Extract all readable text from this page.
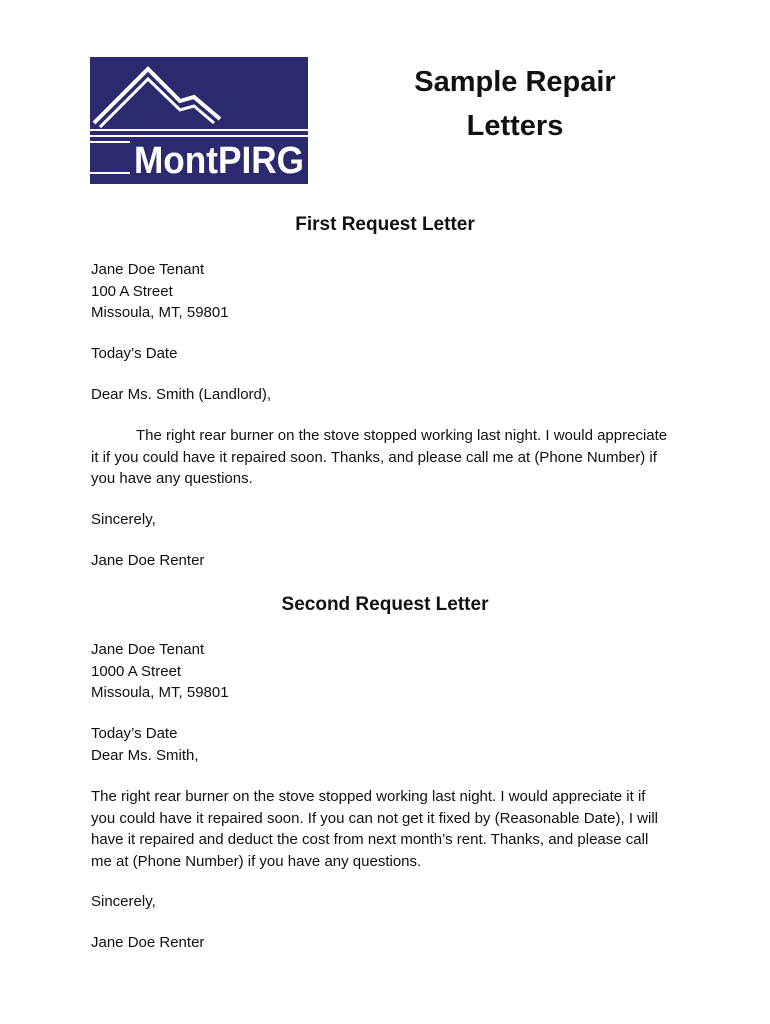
MontPIRG
Sample Repair
Letters
First Request Letter
Jane Doe Tenant
100 A Street
Missoula, MT, 59801
Today’s Date
Dear Ms. Smith (Landlord),
The right rear burner on the stove stopped working last night. I would appreciate
it if you could have it repaired soon. Thanks, and please call me at (Phone Number) if
you have any questions.
Sincerely,
Jane Doe Renter
Second Request Letter
Jane Doe Tenant
1000 A Street
Missoula, MT, 59801
Today’s Date
Dear Ms. Smith,
The right rear burner on the stove stopped working last night. I would appreciate it if
you could have it repaired soon. If you can not get it fixed by (Reasonable Date), I will
have it repaired and deduct the cost from next month’s rent. Thanks, and please call
me at (Phone Number) if you have any questions.
Sincerely,
Jane Doe Renter
